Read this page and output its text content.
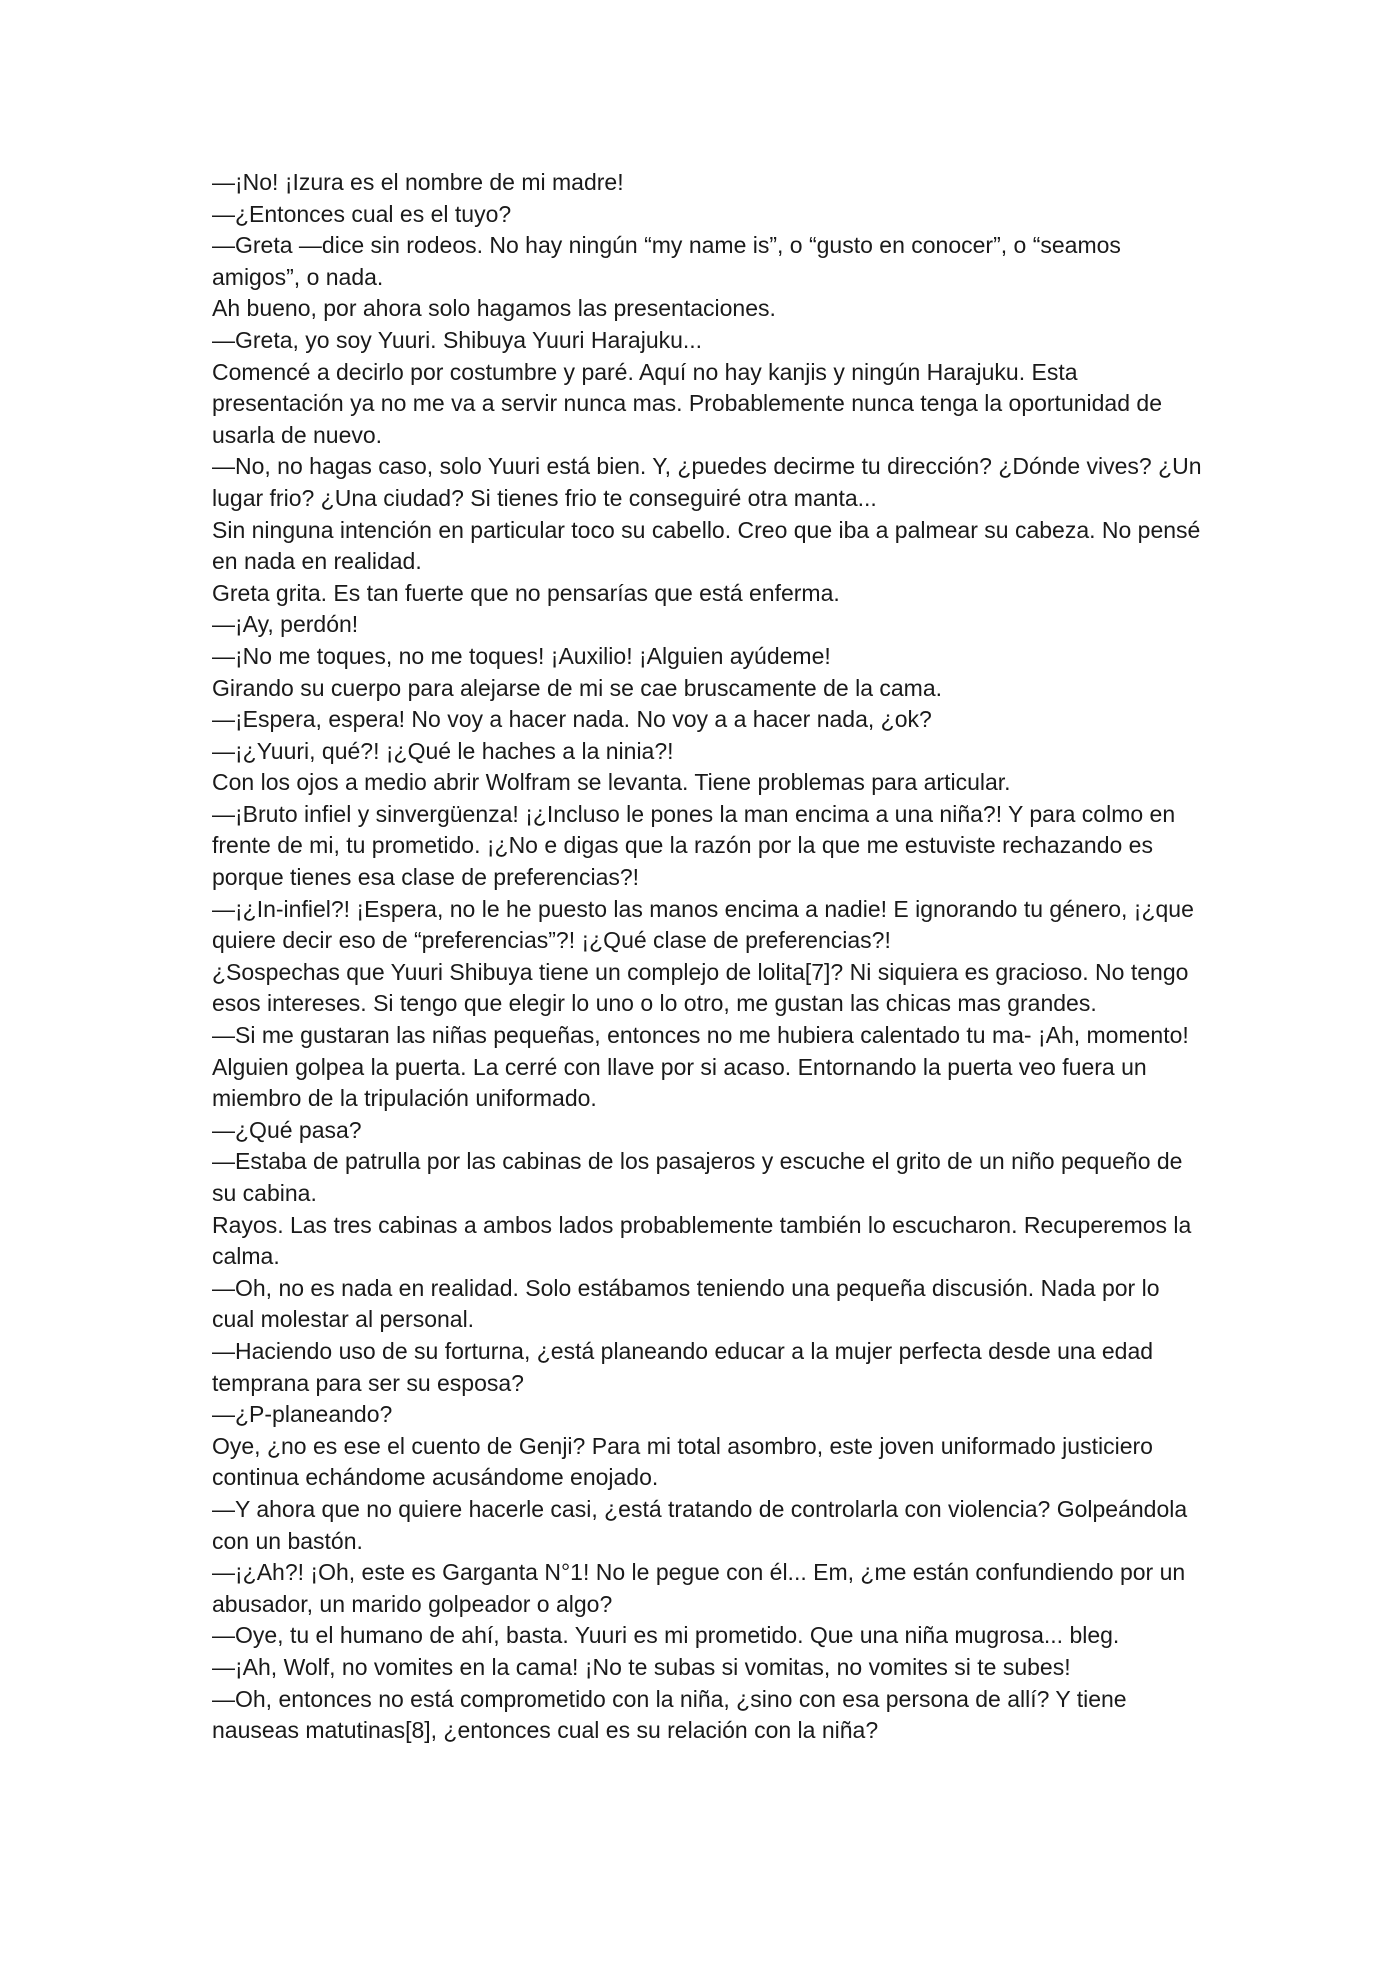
—¡No! ¡Izura es el nombre de mi madre!

—¿Entonces cual es el tuyo?

—Greta —dice sin rodeos. No hay ningún “my name is”, o “gusto en conocer”, o “seamos amigos”, o nada.

Ah bueno, por ahora solo hagamos las presentaciones.

—Greta, yo soy Yuuri. Shibuya Yuuri Harajuku...

Comencé a decirlo por costumbre y paré. Aquí no hay kanjis y ningún Harajuku. Esta presentación ya no me va a servir nunca mas. Probablemente nunca tenga la oportunidad de usarla de nuevo.

—No, no hagas caso, solo Yuuri está bien. Y, ¿puedes decirme tu dirección? ¿Dónde vives? ¿Un lugar frio? ¿Una ciudad? Si tienes frio te conseguiré otra manta...

Sin ninguna intención en particular toco su cabello. Creo que iba a palmear su cabeza. No pensé en nada en realidad.

Greta grita. Es tan fuerte que no pensarías que está enferma.

—¡Ay, perdón!

—¡No me toques, no me toques! ¡Auxilio! ¡Alguien ayúdeme!

Girando su cuerpo para alejarse de mi se cae bruscamente de la cama.

—¡Espera, espera! No voy a hacer nada. No voy a a hacer nada, ¿ok?

—¡¿Yuuri, qué?! ¡¿Qué le haches a la ninia?!

Con los ojos a medio abrir Wolfram se levanta. Tiene problemas para articular.

—¡Bruto infiel y sinvergüenza! ¡¿Incluso le pones la man encima a una niña?! Y para colmo en frente de mi, tu prometido. ¡¿No e digas que la razón por la que me estuviste rechazando es porque tienes esa clase de preferencias?!

—¡¿In-infiel?! ¡Espera, no le he puesto las manos encima a nadie! E ignorando tu género, ¡¿que quiere decir eso de “preferencias”?! ¡¿Qué clase de preferencias?!

¿Sospechas que Yuuri Shibuya tiene un complejo de lolita[7]? Ni siquiera es gracioso. No tengo esos intereses. Si tengo que elegir lo uno o lo otro, me gustan las chicas mas grandes.

—Si me gustaran las niñas pequeñas, entonces no me hubiera calentado tu ma- ¡Ah, momento!

Alguien golpea la puerta. La cerré con llave por si acaso. Entornando la puerta veo fuera un miembro de la tripulación uniformado.

—¿Qué pasa?

—Estaba de patrulla por las cabinas de los pasajeros y escuche el grito de un niño pequeño de su cabina.

Rayos. Las tres cabinas a ambos lados probablemente también lo escucharon. Recuperemos la calma.

—Oh, no es nada en realidad. Solo estábamos teniendo una pequeña discusión. Nada por lo cual molestar al personal.

—Haciendo uso de su forturna, ¿está planeando educar a la mujer perfecta desde una edad temprana para ser su esposa?

—¿P-planeando?

Oye, ¿no es ese el cuento de Genji? Para mi total asombro, este joven uniformado justiciero continua echándome acusándome enojado.

—Y ahora que no quiere hacerle casi, ¿está tratando de controlarla con violencia? Golpeándola con un bastón.

—¡¿Ah?! ¡Oh, este es Garganta N°1! No le pegue con él... Em, ¿me están confundiendo por un abusador, un marido golpeador o algo?

—Oye, tu el humano de ahí, basta. Yuuri es mi prometido. Que una niña mugrosa... bleg.

—¡Ah, Wolf, no vomites en la cama! ¡No te subas si vomitas, no vomites si te subes!

—Oh, entonces no está comprometido con la niña, ¿sino con esa persona de allí? Y tiene nauseas matutinas[8], ¿entonces cual es su relación con la niña?
